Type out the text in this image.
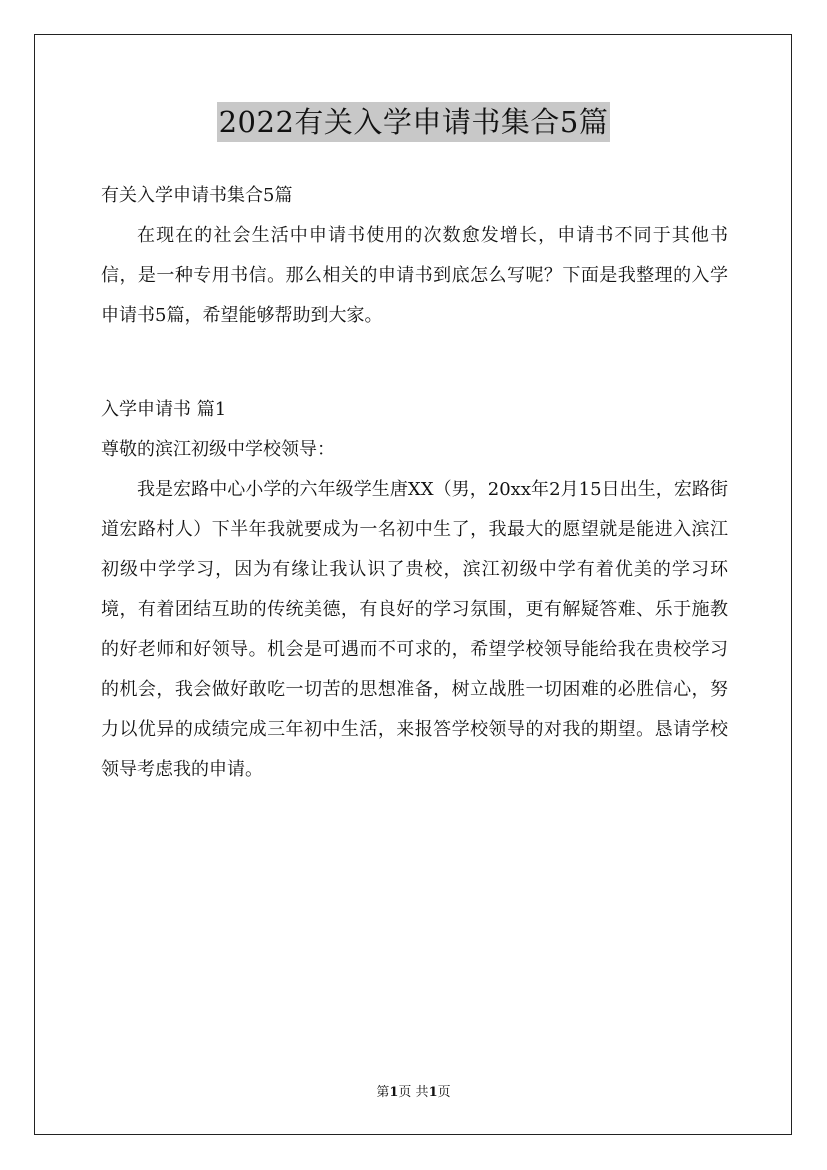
2022有关入学申请书集合5篇

有关入学申请书集合5篇

在现在的社会生活中申请书使用的次数愈发增长，申请书不同于其他书信，是一种专用书信。那么相关的申请书到底怎么写呢？下面是我整理的入学申请书5篇，希望能够帮助到大家。

入学申请书 篇1

尊敬的滨江初级中学校领导：

我是宏路中心小学的六年级学生唐XX（男，20xx年2月15日出生，宏路街道宏路村人）下半年我就要成为一名初中生了，我最大的愿望就是能进入滨江初级中学学习，因为有缘让我认识了贵校，滨江初级中学有着优美的学习环境，有着团结互助的传统美德，有良好的学习氛围，更有解疑答难、乐于施教的好老师和好领导。机会是可遇而不可求的，希望学校领导能给我在贵校学习的机会，我会做好敢吃一切苦的思想准备，树立战胜一切困难的必胜信心，努力以优异的成绩完成三年初中生活，来报答学校领导的对我的期望。恳请学校领导考虑我的申请。

第1页 共1页
